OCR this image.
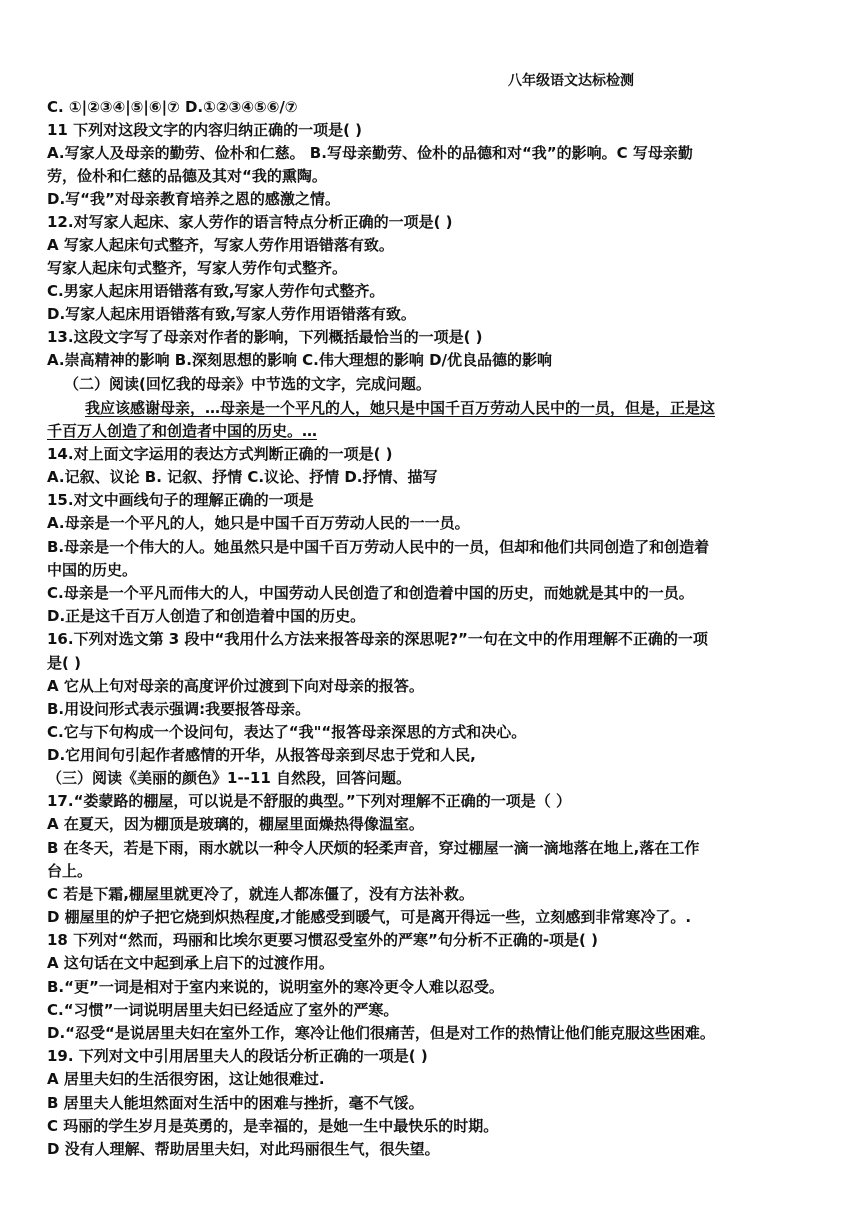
八年级语文达标检测
C. ①|②③④|⑤|⑥|⑦ D.①②③④⑤⑥/⑦
11 下列对这段文字的内容归纳正确的一项是( )
A.写家人及母亲的勤劳、俭朴和仁慈。 B.写母亲勤劳、俭朴的品德和对“我”的影响。C 写母亲勤
劳，俭朴和仁慈的品德及其对“我的熏陶。
D.写“我”对母亲教育培养之恩的感激之情。
12.对写家人起床、家人劳作的语言特点分析正确的一项是( )
A 写家人起床句式整齐，写家人劳作用语错落有致。
写家人起床句式整齐，写家人劳作句式整齐。
C.男家人起床用语错落有致,写家人劳作句式整齐。
D.写家人起床用语错落有致,写家人劳作用语错落有致。
13.这段文字写了母亲对作者的影响，下列概括最恰当的一项是( )
A.崇高精神的影响 B.深刻思想的影响 C.伟大理想的影响 D/优良品德的影响
（二）阅读(回忆我的母亲》中节选的文字，完成问题。
我应该感谢母亲，…母亲是一个平凡的人，她只是中国千百万劳动人民中的一员，但是，正是这
千百万人创造了和创造者中国的历史。…
14.对上面文字运用的表达方式判断正确的一项是( )
A.记叙、议论 B. 记叙、抒情 C.议论、抒情 D.抒情、描写
15.对文中画线句子的理解正确的一项是
A.母亲是一个平凡的人，她只是中国千百万劳动人民的一一员。
B.母亲是一个伟大的人。她虽然只是中国千百万劳动人民中的一员，但却和他们共同创造了和创造着
中国的历史。
C.母亲是一个平凡而伟大的人，中国劳动人民创造了和创造着中国的历史，而她就是其中的一员。
D.正是这千百万人创造了和创造着中国的历史。
16.下列对选文第 3 段中“我用什么方法来报答母亲的深思呢?”一句在文中的作用理解不正确的一项
是( )
A 它从上句对母亲的高度评价过渡到下向对母亲的报答。
B.用设问形式表示强调:我要报答母亲。
C.它与下句构成一个设问句，表达了“我"“报答母亲深思的方式和决心。
D.它用间句引起作者感情的开华，从报答母亲到尽忠于党和人民,
（三）阅读《美丽的颜色》1--11 自然段，回答问题。
17.“娄蒙路的棚屋，可以说是不舒服的典型。”下列对理解不正确的一项是（ ）
A 在夏天，因为棚顶是玻璃的，棚屋里面燥热得像温室。
B 在冬天，若是下雨，雨水就以一种令人厌烦的轻柔声音，穿过棚屋一滴一滴地落在地上,落在工作
台上。
C 若是下霜,棚屋里就更冷了，就连人都冻僵了，没有方法补救。
D 棚屋里的炉子把它烧到炽热程度,才能感受到暖气，可是离开得远一些，立刻感到非常寒冷了。.
18 下列对“然而，玛丽和比埃尔更要习惯忍受室外的严寒”句分析不正确的-项是( )
A 这句话在文中起到承上启下的过渡作用。
B.“更”一词是相对于室内来说的，说明室外的寒冷更令人难以忍受。
C.“习惯”一词说明居里夫妇已经适应了室外的严寒。
D.“忍受“是说居里夫妇在室外工作，寒冷让他们很痛苦，但是对工作的热情让他们能克服这些困难。
19. 下列对文中引用居里夫人的段话分析正确的一项是( )
A 居里夫妇的生活很穷困，这让她很难过.
B 居里夫人能坦然面对生活中的困难与挫折，毫不气馁。
C 玛丽的学生岁月是英勇的，是幸福的，是她一生中最快乐的时期。
D 没有人理解、帮助居里夫妇，对此玛丽很生气，很失望。
